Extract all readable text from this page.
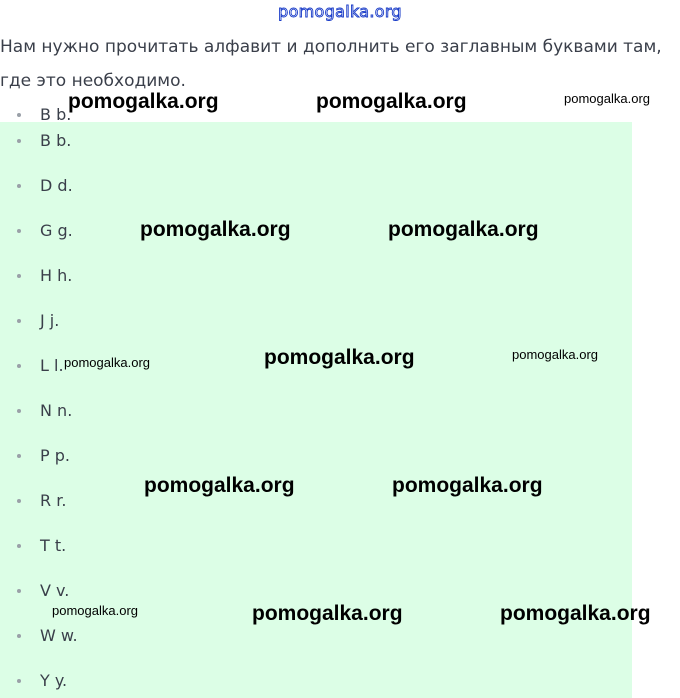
pomogalka.org
Нам нужно прочитать алфавит и дополнить его заглавным буквами там, где это необходимо.
B b.
B b.
D d.
G g.
H h.
J j.
L l.
N n.
P p.
R r.
T t.
V v.
W w.
Y y.
pomogalka.org	pomogalka.org	pomogalka.org
pomogalka.org	pomogalka.org
pomogalka.org	pomogalka.org	pomogalka.org
pomogalka.org	pomogalka.org
pomogalka.org	pomogalka.org	pomogalka.org
